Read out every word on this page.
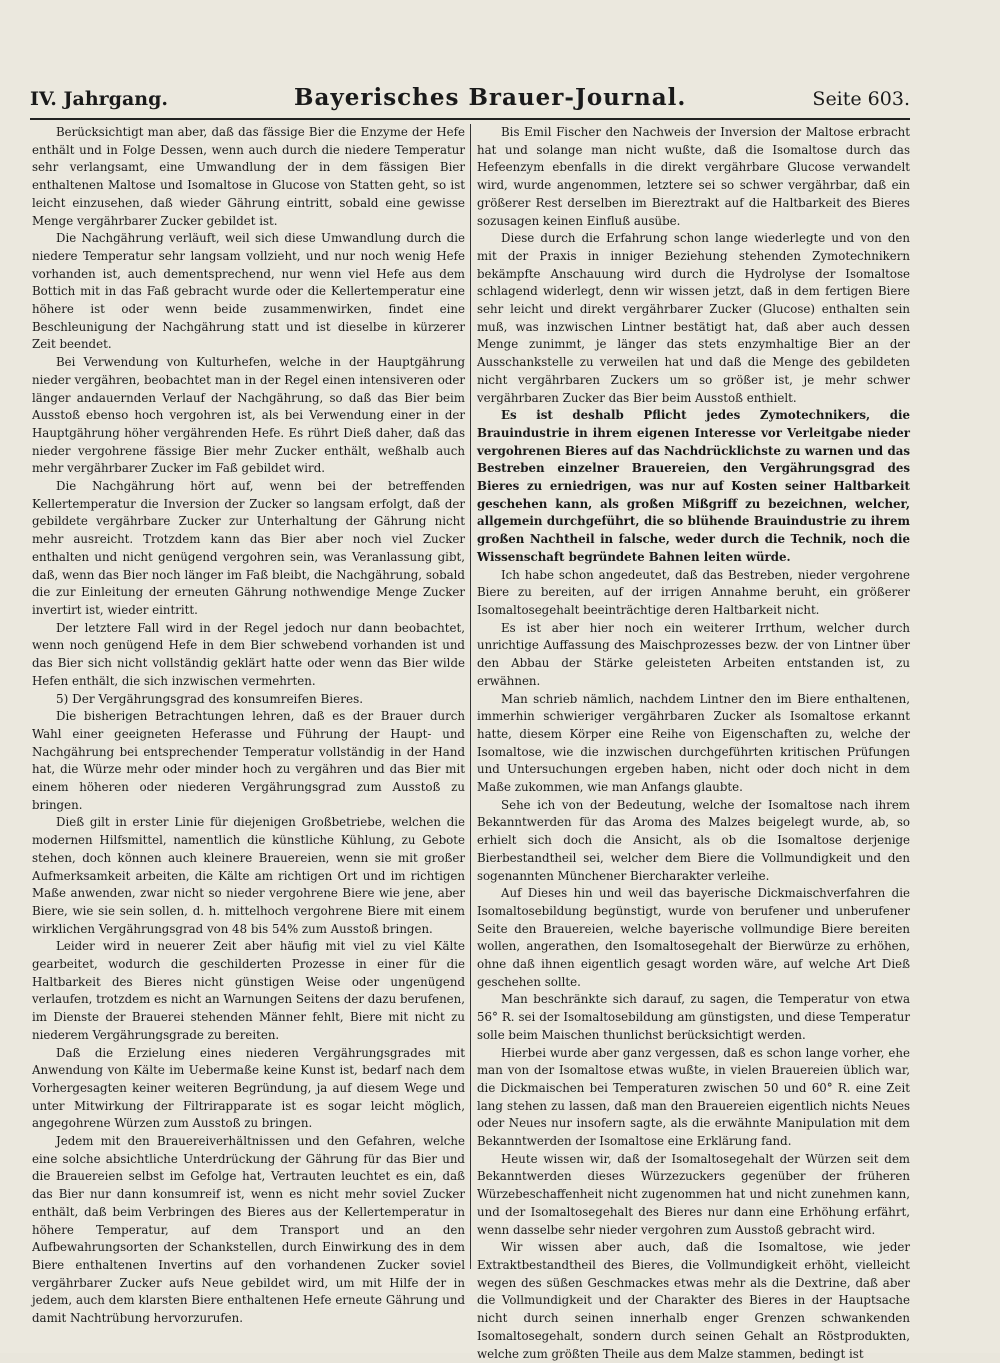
IV. Jahrgang.	Bayerisches Brauer-Journal.	Seite 603.

Berücksichtigt man aber, daß das fässige Bier die Enzyme der Hefe enthält und in Folge Dessen, wenn auch durch die niedere Temperatur sehr verlangsamt, eine Umwandlung der in dem fässigen Bier enthaltenen Maltose und Isomaltose in Glucose von Statten geht, so ist leicht einzusehen, daß wieder Gährung eintritt, sobald eine gewisse Menge vergährbarer Zucker gebildet ist.

Die Nachgährung verläuft, weil sich diese Umwandlung durch die niedere Temperatur sehr langsam vollzieht, und nur noch wenig Hefe vorhanden ist, auch dementsprechend, nur wenn viel Hefe aus dem Bottich mit in das Faß gebracht wurde oder die Kellertemperatur eine höhere ist oder wenn beide zusammenwirken, findet eine Beschleunigung der Nachgährung statt und ist dieselbe in kürzerer Zeit beendet.

Bei Verwendung von Kulturhefen, welche in der Hauptgährung nieder vergähren, beobachtet man in der Regel einen intensiveren oder länger andauernden Verlauf der Nachgährung, so daß das Bier beim Ausstoß ebenso hoch vergohren ist, als bei Verwendung einer in der Hauptgährung höher vergährenden Hefe. Es rührt Dieß daher, daß das nieder vergohrene fässige Bier mehr Zucker enthält, weßhalb auch mehr vergährbarer Zucker im Faß gebildet wird.

Die Nachgährung hört auf, wenn bei der betreffenden Kellertemperatur die Inversion der Zucker so langsam erfolgt, daß der gebildete vergährbare Zucker zur Unterhaltung der Gährung nicht mehr ausreicht. Trotzdem kann das Bier aber noch viel Zucker enthalten und nicht genügend vergohren sein, was Veranlassung gibt, daß, wenn das Bier noch länger im Faß bleibt, die Nachgährung, sobald die zur Einleitung der erneuten Gährung nothwendige Menge Zucker invertirt ist, wieder eintritt.

Der letztere Fall wird in der Regel jedoch nur dann beobachtet, wenn noch genügend Hefe in dem Bier schwebend vorhanden ist und das Bier sich nicht vollständig geklärt hatte oder wenn das Bier wilde Hefen enthält, die sich inzwischen vermehrten.

5) Der Vergährungsgrad des konsumreifen Bieres.

Die bisherigen Betrachtungen lehren, daß es der Brauer durch Wahl einer geeigneten Heferasse und Führung der Haupt- und Nachgährung bei entsprechender Temperatur vollständig in der Hand hat, die Würze mehr oder minder hoch zu vergähren und das Bier mit einem höheren oder niederen Vergährungsgrad zum Ausstoß zu bringen.

Dieß gilt in erster Linie für diejenigen Großbetriebe, welchen die modernen Hilfsmittel, namentlich die künstliche Kühlung, zu Gebote stehen, doch können auch kleinere Brauereien, wenn sie mit großer Aufmerksamkeit arbeiten, die Kälte am richtigen Ort und im richtigen Maße anwenden, zwar nicht so nieder vergohrene Biere wie jene, aber Biere, wie sie sein sollen, d. h. mittelhoch vergohrene Biere mit einem wirklichen Vergährungsgrad von 48 bis 54% zum Ausstoß bringen.

Leider wird in neuerer Zeit aber häufig mit viel zu viel Kälte gearbeitet, wodurch die geschilderten Prozesse in einer für die Haltbarkeit des Bieres nicht günstigen Weise oder ungenügend verlaufen, trotzdem es nicht an Warnungen Seitens der dazu berufenen, im Dienste der Brauerei stehenden Männer fehlt, Biere mit nicht zu niederem Vergährungsgrade zu bereiten.

Daß die Erzielung eines niederen Vergährungsgrades mit Anwendung von Kälte im Uebermaße keine Kunst ist, bedarf nach dem Vorhergesagten keiner weiteren Begründung, ja auf diesem Wege und unter Mitwirkung der Filtrirapparate ist es sogar leicht möglich, angegohrene Würzen zum Ausstoß zu bringen.

Jedem mit den Brauereiverhältnissen und den Gefahren, welche eine solche absichtliche Unterdrückung der Gährung für das Bier und die Brauereien selbst im Gefolge hat, Vertrauten leuchtet es ein, daß das Bier nur dann konsumreif ist, wenn es nicht mehr soviel Zucker enthält, daß beim Verbringen des Bieres aus der Kellertemperatur in höhere Temperatur, auf dem Transport und an den Aufbewahrungsorten der Schankstellen, durch Einwirkung des in dem Biere enthaltenen Invertins auf den vorhandenen Zucker soviel vergährbarer Zucker aufs Neue gebildet wird, um mit Hilfe der in jedem, auch dem klarsten Biere enthaltenen Hefe erneute Gährung und damit Nachtrübung hervorzurufen.

Bis Emil Fischer den Nachweis der Inversion der Maltose erbracht hat und solange man nicht wußte, daß die Isomaltose durch das Hefeenzym ebenfalls in die direkt vergährbare Glucose verwandelt wird, wurde angenommen, letztere sei so schwer vergährbar, daß ein größerer Rest derselben im Biereztrakt auf die Haltbarkeit des Bieres sozusagen keinen Einfluß ausübe.

Diese durch die Erfahrung schon lange wiederlegte und von den mit der Praxis in inniger Beziehung stehenden Zymotechnikern bekämpfte Anschauung wird durch die Hydrolyse der Isomaltose schlagend widerlegt, denn wir wissen jetzt, daß in dem fertigen Biere sehr leicht und direkt vergährbarer Zucker (Glucose) enthalten sein muß, was inzwischen Lintner bestätigt hat, daß aber auch dessen Menge zunimmt, je länger das stets enzymhaltige Bier an der Ausschankstelle zu verweilen hat und daß die Menge des gebildeten nicht vergährbaren Zuckers um so größer ist, je mehr schwer vergährbaren Zucker das Bier beim Ausstoß enthielt.

Es ist deshalb Pflicht jedes Zymotechnikers, die Brauindustrie in ihrem eigenen Interesse vor Verleitgabe nieder vergohrenen Bieres auf das Nachdrücklichste zu warnen und das Bestreben einzelner Brauereien, den Vergährungsgrad des Bieres zu erniedrigen, was nur auf Kosten seiner Haltbarkeit geschehen kann, als großen Mißgriff zu bezeichnen, welcher, allgemein durchgeführt, die so blühende Brauindustrie zu ihrem großen Nachtheil in falsche, weder durch die Technik, noch die Wissenschaft begründete Bahnen leiten würde.

Ich habe schon angedeutet, daß das Bestreben, nieder vergohrene Biere zu bereiten, auf der irrigen Annahme beruht, ein größerer Isomaltosegehalt beeinträchtige deren Haltbarkeit nicht.

Es ist aber hier noch ein weiterer Irrthum, welcher durch unrichtige Auffassung des Maischprozesses bezw. der von Lintner über den Abbau der Stärke geleisteten Arbeiten entstanden ist, zu erwähnen.

Man schrieb nämlich, nachdem Lintner den im Biere enthaltenen, immerhin schwieriger vergährbaren Zucker als Isomaltose erkannt hatte, diesem Körper eine Reihe von Eigenschaften zu, welche der Isomaltose, wie die inzwischen durchgeführten kritischen Prüfungen und Untersuchungen ergeben haben, nicht oder doch nicht in dem Maße zukommen, wie man Anfangs glaubte.

Sehe ich von der Bedeutung, welche der Isomaltose nach ihrem Bekanntwerden für das Aroma des Malzes beigelegt wurde, ab, so erhielt sich doch die Ansicht, als ob die Isomaltose derjenige Bierbestandtheil sei, welcher dem Biere die Vollmundigkeit und den sogenannten Münchener Biercharakter verleihe.

Auf Dieses hin und weil das bayerische Dickmaischverfahren die Isomaltosebildung begünstigt, wurde von berufener und unberufener Seite den Brauereien, welche bayerische vollmundige Biere bereiten wollen, angerathen, den Isomaltosegehalt der Bierwürze zu erhöhen, ohne daß ihnen eigentlich gesagt worden wäre, auf welche Art Dieß geschehen sollte.

Man beschränkte sich darauf, zu sagen, die Temperatur von etwa 56° R. sei der Isomaltosebildung am günstigsten, und diese Temperatur solle beim Maischen thunlichst berücksichtigt werden.

Hierbei wurde aber ganz vergessen, daß es schon lange vorher, ehe man von der Isomaltose etwas wußte, in vielen Brauereien üblich war, die Dickmaischen bei Temperaturen zwischen 50 und 60° R. eine Zeit lang stehen zu lassen, daß man den Brauereien eigentlich nichts Neues oder Neues nur insofern sagte, als die erwähnte Manipulation mit dem Bekanntwerden der Isomaltose eine Erklärung fand.

Heute wissen wir, daß der Isomaltosegehalt der Würzen seit dem Bekanntwerden dieses Würzezuckers gegenüber der früheren Würzebeschaffenheit nicht zugenommen hat und nicht zunehmen kann, und der Isomaltosegehalt des Bieres nur dann eine Erhöhung erfährt, wenn dasselbe sehr nieder vergohren zum Ausstoß gebracht wird.

Wir wissen aber auch, daß die Isomaltose, wie jeder Extraktbestandtheil des Bieres, die Vollmundigkeit erhöht, vielleicht wegen des süßen Geschmackes etwas mehr als die Dextrine, daß aber die Vollmundigkeit und der Charakter des Bieres in der Hauptsache nicht durch seinen innerhalb enger Grenzen schwankenden Isomaltosegehalt, sondern durch seinen Gehalt an Röstprodukten, welche zum größten Theile aus dem Malze stammen, bedingt ist
